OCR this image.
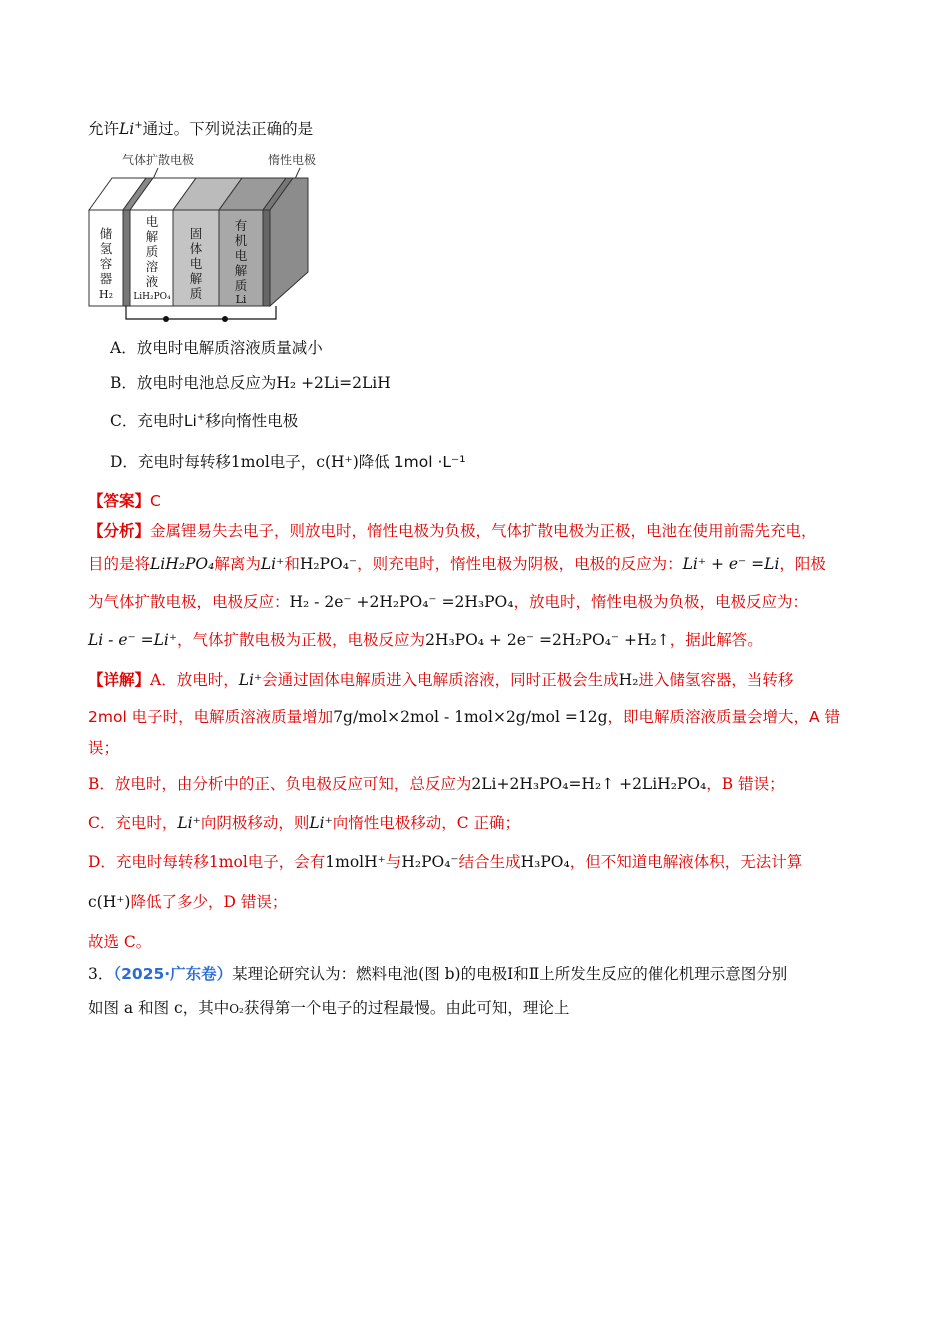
允许Li+通过。下列说法正确的是
气体扩散电极	惰性电极
储
氢
容
器
H₂
电
解
质
溶
液
LiH₂PO₄
固
体
电
解
质
有
机
电
解
质
Li
A．放电时电解质溶液质量减小
B．放电时电池总反应为H₂ +2Li=2LiH
C．充电时Li+移向惰性电极
D．充电时每转移1mol电子，c(H⁺)降低 1mol ·L⁻¹
【答案】C
【分析】金属锂易失去电子，则放电时，惰性电极为负极，气体扩散电极为正极，电池在使用前需先充电，
目的是将LiH₂PO₄解离为Li⁺和H₂PO₄⁻，则充电时，惰性电极为阴极，电极的反应为：Li⁺ + e⁻ =Li，阳极
为气体扩散电极，电极反应：H₂ - 2e⁻ +2H₂PO₄⁻ =2H₃PO₄，放电时，惰性电极为负极，电极反应为：
Li - e⁻ =Li⁺，气体扩散电极为正极，电极反应为2H₃PO₄ + 2e⁻ =2H₂PO₄⁻ +H₂↑，据此解答。
【详解】A．放电时，Li⁺会通过固体电解质进入电解质溶液，同时正极会生成H₂进入储氢容器，当转移
2mol 电子时，电解质溶液质量增加7g/mol×2mol - 1mol×2g/mol =12g，即电解质溶液质量会增大，A 错
误；
B．放电时，由分析中的正、负电极反应可知，总反应为2Li+2H₃PO₄=H₂↑ +2LiH₂PO₄，B 错误；
C．充电时，Li⁺向阴极移动，则Li⁺向惰性电极移动，C 正确；
D．充电时每转移1mol电子，会有1molH⁺与H₂PO₄⁻结合生成H₃PO₄，但不知道电解液体积，无法计算
c(H⁺)降低了多少，D 错误；
故选 C。
3．（2025·广东卷）某理论研究认为：燃料电池(图 b)的电极Ⅰ和Ⅱ上所发生反应的催化机理示意图分别
如图 a 和图 c，其中O₂获得第一个电子的过程最慢。由此可知，理论上
